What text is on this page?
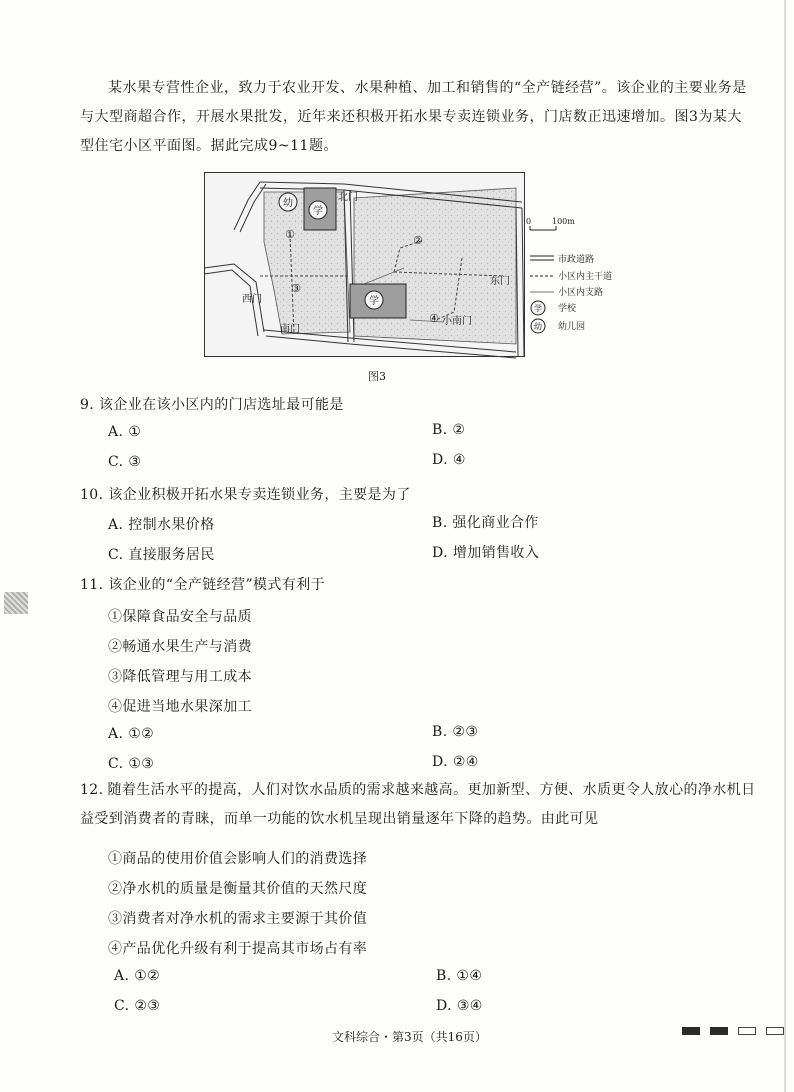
某水果专营性企业，致力于农业开发、水果种植、加工和销售的“全产链经营”。该企业的主要业务是与大型商超合作，开展水果批发，近年来还积极开拓水果专卖连锁业务，门店数正迅速增加。图3为某大型住宅小区平面图。据此完成9~11题。

幼
学
学
①	②
③
④
北门
东门
西门
南门
小南门
0	100m
市政道路
小区内主干道
小区内支路
学 学校
幼 幼儿园
图3
9. 该企业在该小区内的门店选址最可能是
A. ①	B. ②
C. ③	D. ④
10. 该企业积极开拓水果专卖连锁业务，主要是为了
A. 控制水果价格	B. 强化商业合作
C. 直接服务居民	D. 增加销售收入
11. 该企业的“全产链经营”模式有利于
①保障食品安全与品质
②畅通水果生产与消费
③降低管理与用工成本
④促进当地水果深加工
A. ①②	B. ②③
C. ①③	D. ②④
12. 随着生活水平的提高，人们对饮水品质的需求越来越高。更加新型、方便、水质更令人放心的净水机日益受到消费者的青睐，而单一功能的饮水机呈现出销量逐年下降的趋势。由此可见
①商品的使用价值会影响人们的消费选择
②净水机的质量是衡量其价值的天然尺度
③消费者对净水机的需求主要源于其价值
④产品优化升级有利于提高其市场占有率
A. ①②	B. ①④
C. ②③	D. ③④
文科综合・第3页（共16页）
